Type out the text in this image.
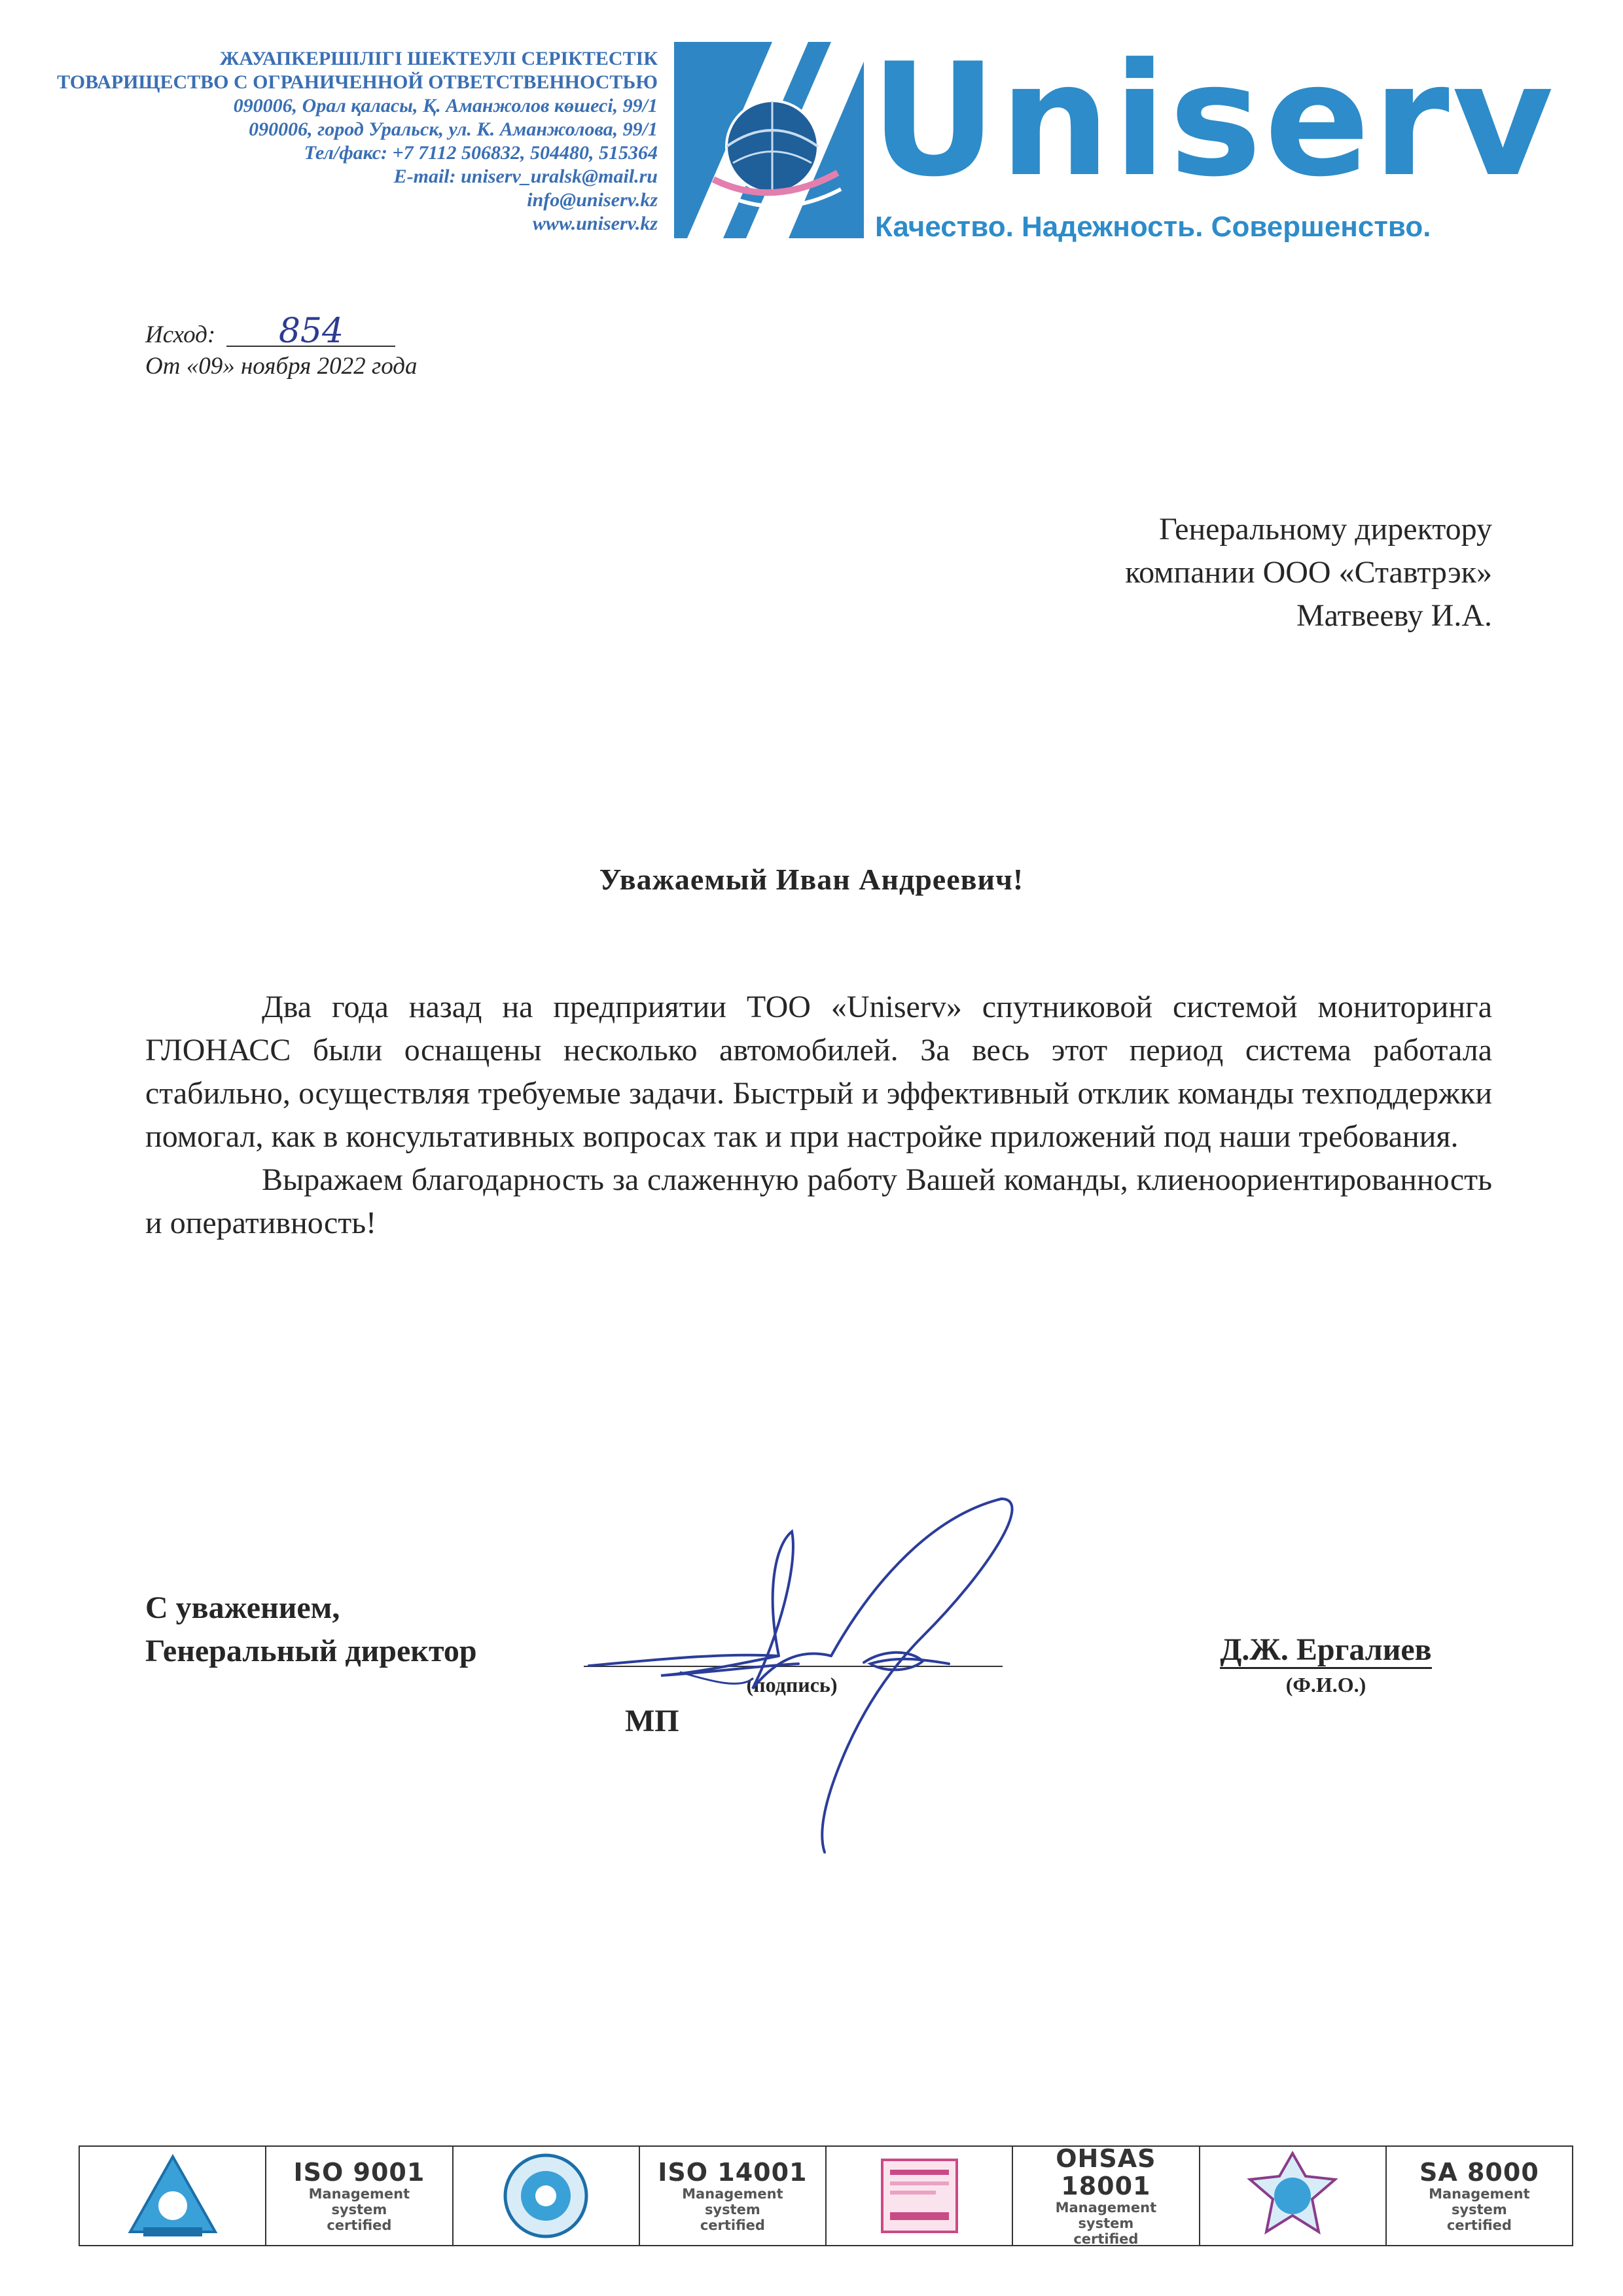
ЖАУАПКЕРШІЛІГІ ШЕКТЕУЛІ СЕРІКТЕСТІК
ТОВАРИЩЕСТВО С ОГРАНИЧЕННОЙ ОТВЕТСТВЕННОСТЬЮ
090006, Орал қаласы, Қ. Аманжолов көшесі, 99/1
090006, город Уральск, ул. К. Аманжолова, 99/1
Тел/факс: +7 7112 506832, 504480, 515364
E-mail: uniserv_uralsk@mail.ru
info@uniserv.kz
www.uniserv.kz
Uniserv
Качество. Надежность. Совершенство.
Исход: 854
От «09» ноября 2022 года
Генеральному директору
компании ООО «Ставтрэк»
Матвееву И.А.
Уважаемый Иван Андреевич!

Два года назад на предприятии ТОО «Uniserv» спутниковой системой мониторинга ГЛОНАСС были оснащены несколько автомобилей. За весь этот период система работала стабильно, осуществляя требуемые задачи. Быстрый и эффективный отклик команды техподдержки помогал, как в консультативных вопросах так и при настройке приложений под наши требования.

Выражаем благодарность за слаженную работу Вашей команды, клиеноориентированность и оперативность!

С уважением,
Генеральный директор
(подпись)
МП
Д.Ж. Ергалиев
(Ф.И.О.)
ISO 9001
Management
system
certified
ISO 14001
Management
system
certified
OHSAS 18001
Management
system
certified
SA 8000
Management
system
certified
